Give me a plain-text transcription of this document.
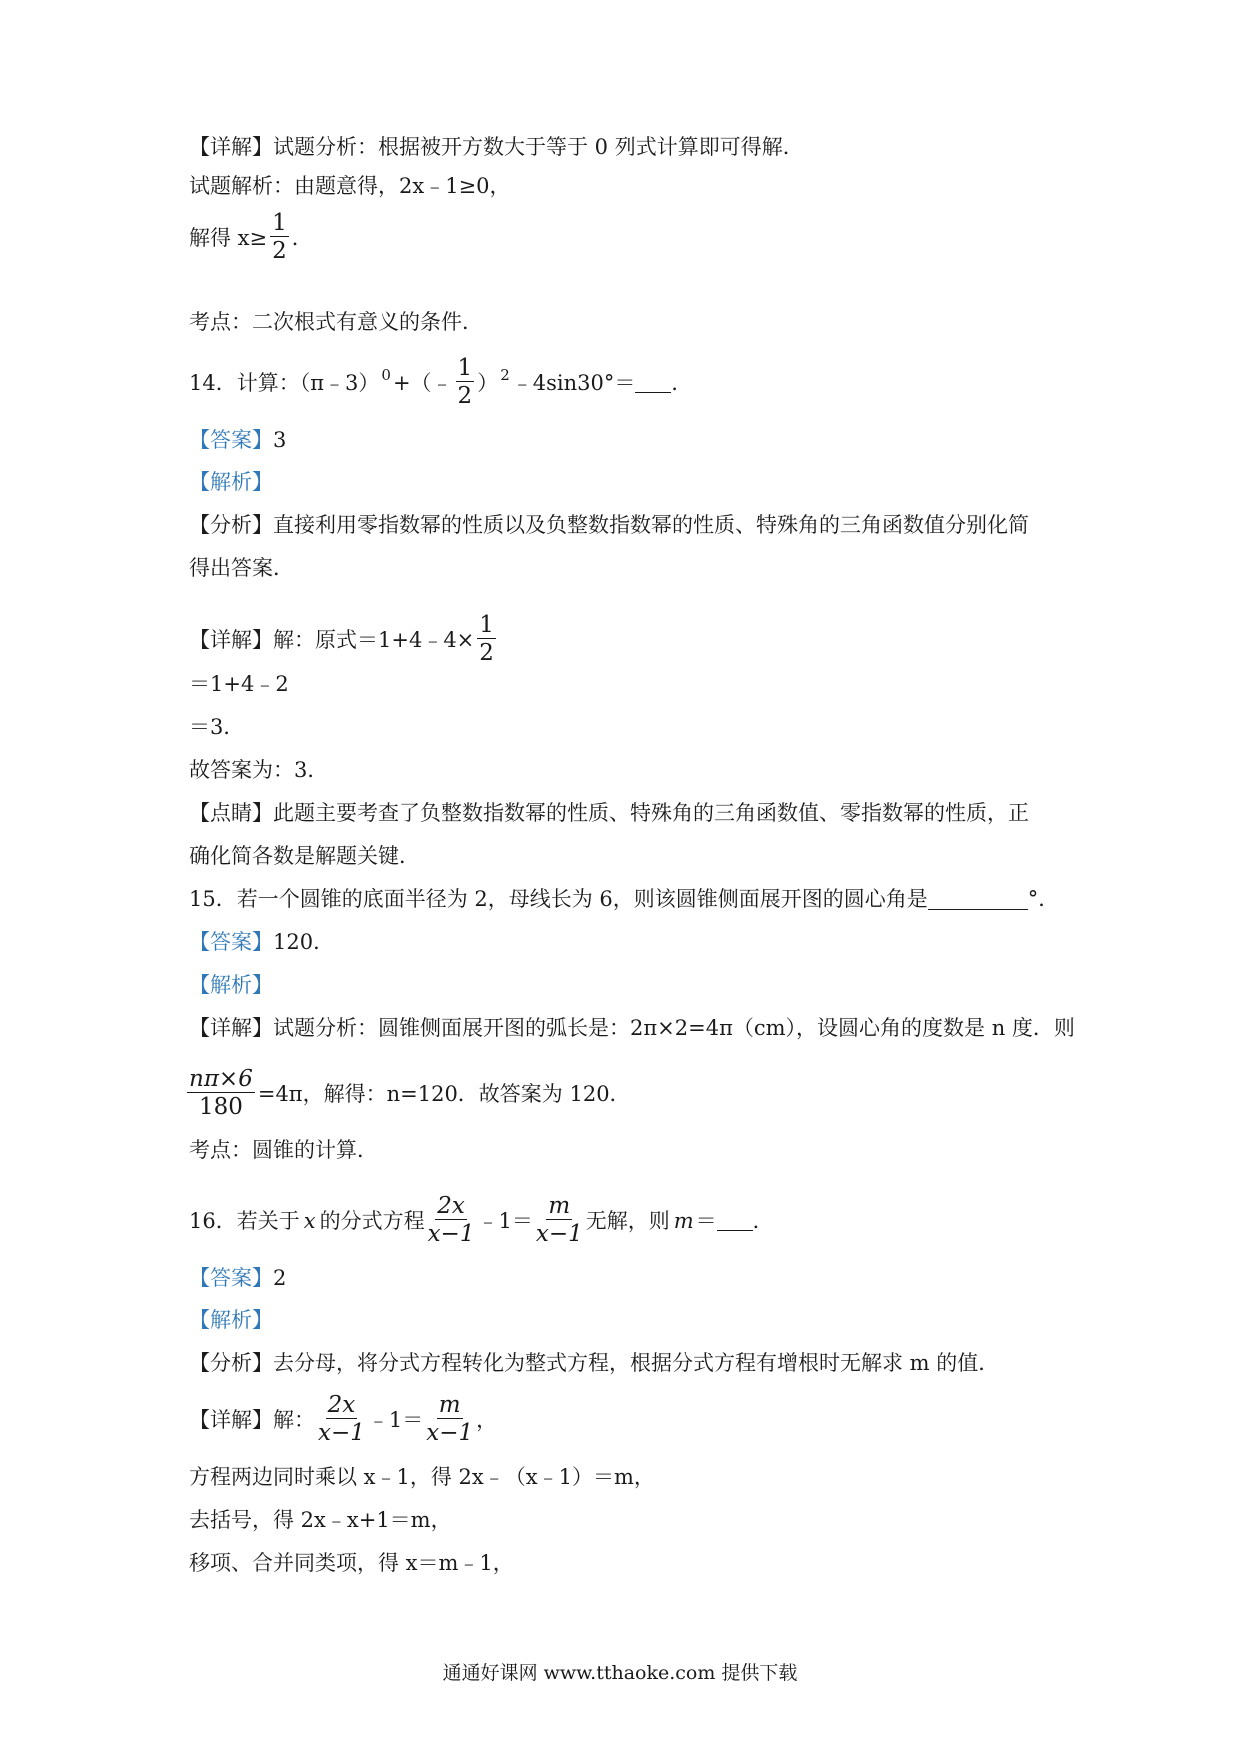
【详解】试题分析：根据被开方数大于等于 0 列式计算即可得解．
试题解析：由题意得，2x﹣1≥0，
解得 $x\ge \frac{1}{2}$ ．
考点：二次根式有意义的条件．
14．计算：（π﹣3） 0 +（﹣ $\frac{1}{2}$ ） 2 ﹣4sin30°＝ ．
【答案】 3
【解析】
【分析】直接利用零指数幂的性质以及负整数指数幂的性质、特殊角的三角函数值分别化简
得出答案．
【详解】解：原式＝1+4﹣4× $\frac{1}{2}$
＝1+4﹣2
＝3．
故答案为：3．
【点睛】此题主要考查了负整数指数幂的性质、特殊角的三角函数值、零指数幂的性质，正
确化简各数是解题关键．
15．若一个圆锥的底面半径为 2，母线长为 6，则该圆锥侧面展开图的圆心角是	°．
【答案】 120．
【解析】
【详解】试题分析：圆锥侧面展开图的弧长是：2π×2=4π（cm），设圆心角的度数是 n 度．则
$\frac{n\pi\times 6}{180} =4\pi$，解得：n=120．故答案为 120．
考点：圆锥的计算．
16．若关于 x 的分式方程 $\frac{2x}{x-1}$ ﹣1＝ $\frac{m}{x-1}$ 无解，则 m ＝ ．
【答案】 2
【解析】
【分析】去分母，将分式方程转化为整式方程，根据分式方程有增根时无解求 m 的值．
【详解】解： $\frac{2x}{x-1}$ ﹣1＝ $\frac{m}{x-1}$ ，
方程两边同时乘以 x﹣1，得 2x﹣（x﹣1）＝m，
去括号，得 2x﹣x+1＝m，
移项、合并同类项，得 x＝m﹣1，
通通好课网 www.tthaoke.com 提供下载
